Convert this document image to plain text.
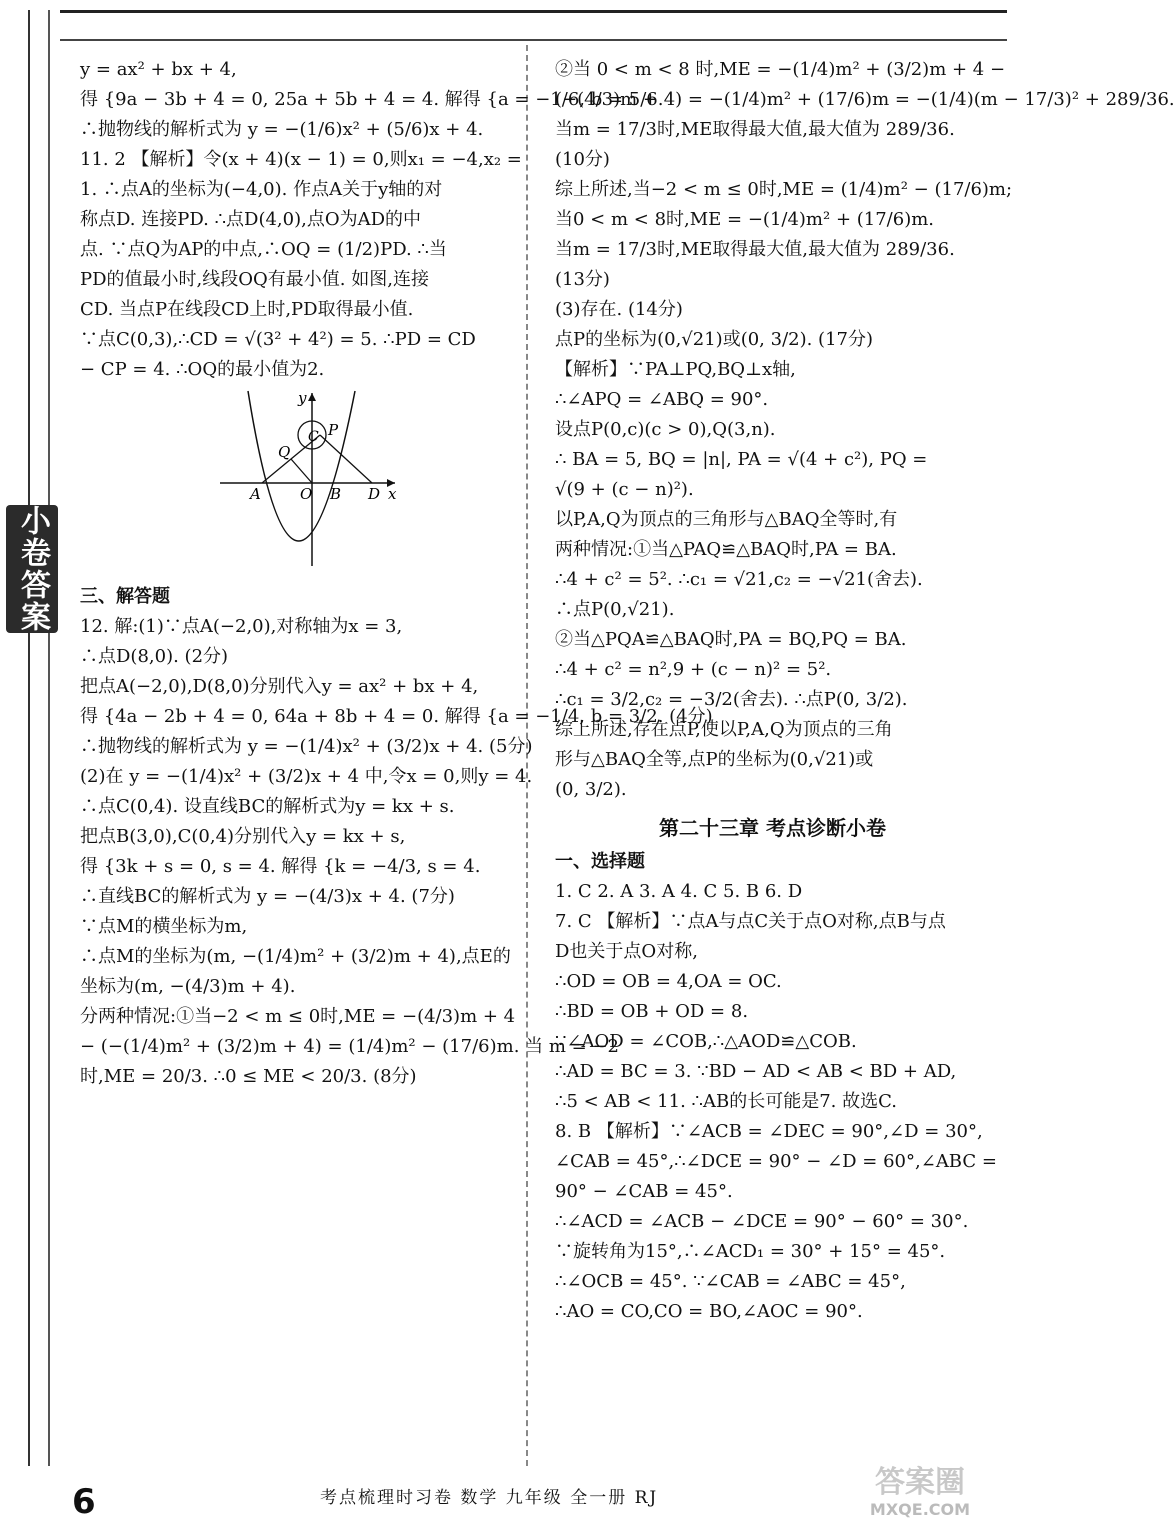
小卷答案
y = ax² + bx + 4,
得 {9a − 3b + 4 = 0, 25a + 5b + 4 = 4. 解得 {a = −1/6, b = 5/6.
∴抛物线的解析式为 y = −(1/6)x² + (5/6)x + 4.
11. 2 【解析】令(x + 4)(x − 1) = 0,则x₁ = −4,x₂ =
1. ∴点A的坐标为(−4,0). 作点A关于y轴的对
称点D. 连接PD. ∴点D(4,0),点O为AD的中
点. ∵点Q为AP的中点,∴OQ = (1/2)PD. ∴当
PD的值最小时,线段OQ有最小值. 如图,连接
CD. 当点P在线段CD上时,PD取得最小值.
∵点C(0,3),∴CD = √(3² + 4²) = 5. ∴PD = CD
− CP = 4. ∴OQ的最小值为2.
y
x
A	O B D
C P
Q
三、解答题
12. 解:(1)∵点A(−2,0),对称轴为x = 3,
∴点D(8,0). (2分)
把点A(−2,0),D(8,0)分别代入y = ax² + bx + 4,
得 {4a − 2b + 4 = 0, 64a + 8b + 4 = 0. 解得 {a = −1/4, b = 3/2. (4分)
∴抛物线的解析式为 y = −(1/4)x² + (3/2)x + 4. (5分)
(2)在 y = −(1/4)x² + (3/2)x + 4 中,令x = 0,则y = 4.
∴点C(0,4). 设直线BC的解析式为y = kx + s.
把点B(3,0),C(0,4)分别代入y = kx + s,
得 {3k + s = 0, s = 4. 解得 {k = −4/3, s = 4.
∴直线BC的解析式为 y = −(4/3)x + 4. (7分)
∵点M的横坐标为m,
∴点M的坐标为(m, −(1/4)m² + (3/2)m + 4),点E的
坐标为(m, −(4/3)m + 4).
分两种情况:①当−2 < m ≤ 0时,ME = −(4/3)m + 4
− (−(1/4)m² + (3/2)m + 4) = (1/4)m² − (17/6)m. 当 m = −2
时,ME = 20/3. ∴0 ≤ ME < 20/3. (8分)
②当 0 < m < 8 时,ME = −(1/4)m² + (3/2)m + 4 −
(−(4/3)m + 4) = −(1/4)m² + (17/6)m = −(1/4)(m − 17/3)² + 289/36.
当m = 17/3时,ME取得最大值,最大值为 289/36.
(10分)
综上所述,当−2 < m ≤ 0时,ME = (1/4)m² − (17/6)m;
当0 < m < 8时,ME = −(1/4)m² + (17/6)m.
当m = 17/3时,ME取得最大值,最大值为 289/36.
(13分)
(3)存在. (14分)
点P的坐标为(0,√21)或(0, 3/2). (17分)
【解析】∵PA⊥PQ,BQ⊥x轴,
∴∠APQ = ∠ABQ = 90°.
设点P(0,c)(c > 0),Q(3,n).
∴ BA = 5, BQ = |n|, PA = √(4 + c²), PQ =
√(9 + (c − n)²).
以P,A,Q为顶点的三角形与△BAQ全等时,有
两种情况:①当△PAQ≌△BAQ时,PA = BA.
∴4 + c² = 5². ∴c₁ = √21,c₂ = −√21(舍去).
∴点P(0,√21).
②当△PQA≌△BAQ时,PA = BQ,PQ = BA.
∴4 + c² = n²,9 + (c − n)² = 5².
∴c₁ = 3/2,c₂ = −3/2(舍去). ∴点P(0, 3/2).
综上所述,存在点P,使以P,A,Q为顶点的三角
形与△BAQ全等,点P的坐标为(0,√21)或
(0, 3/2).
第二十三章 考点诊断小卷
一、选择题
1. C 2. A 3. A 4. C 5. B 6. D
7. C 【解析】∵点A与点C关于点O对称,点B与点
D也关于点O对称,
∴OD = OB = 4,OA = OC.
∴BD = OB + OD = 8.
∵∠AOD = ∠COB,∴△AOD≌△COB.
∴AD = BC = 3. ∵BD − AD < AB < BD + AD,
∴5 < AB < 11. ∴AB的长可能是7. 故选C.
8. B 【解析】∵∠ACB = ∠DEC = 90°,∠D = 30°,
∠CAB = 45°,∴∠DCE = 90° − ∠D = 60°,∠ABC =
90° − ∠CAB = 45°.
∴∠ACD = ∠ACB − ∠DCE = 90° − 60° = 30°.
∵旋转角为15°,∴∠ACD₁ = 30° + 15° = 45°.
∴∠OCB = 45°. ∵∠CAB = ∠ABC = 45°,
∴AO = CO,CO = BO,∠AOC = 90°.
6	考点梳理时习卷 数学 九年级 全一册 RJ	答案圈
MXQE.COM
